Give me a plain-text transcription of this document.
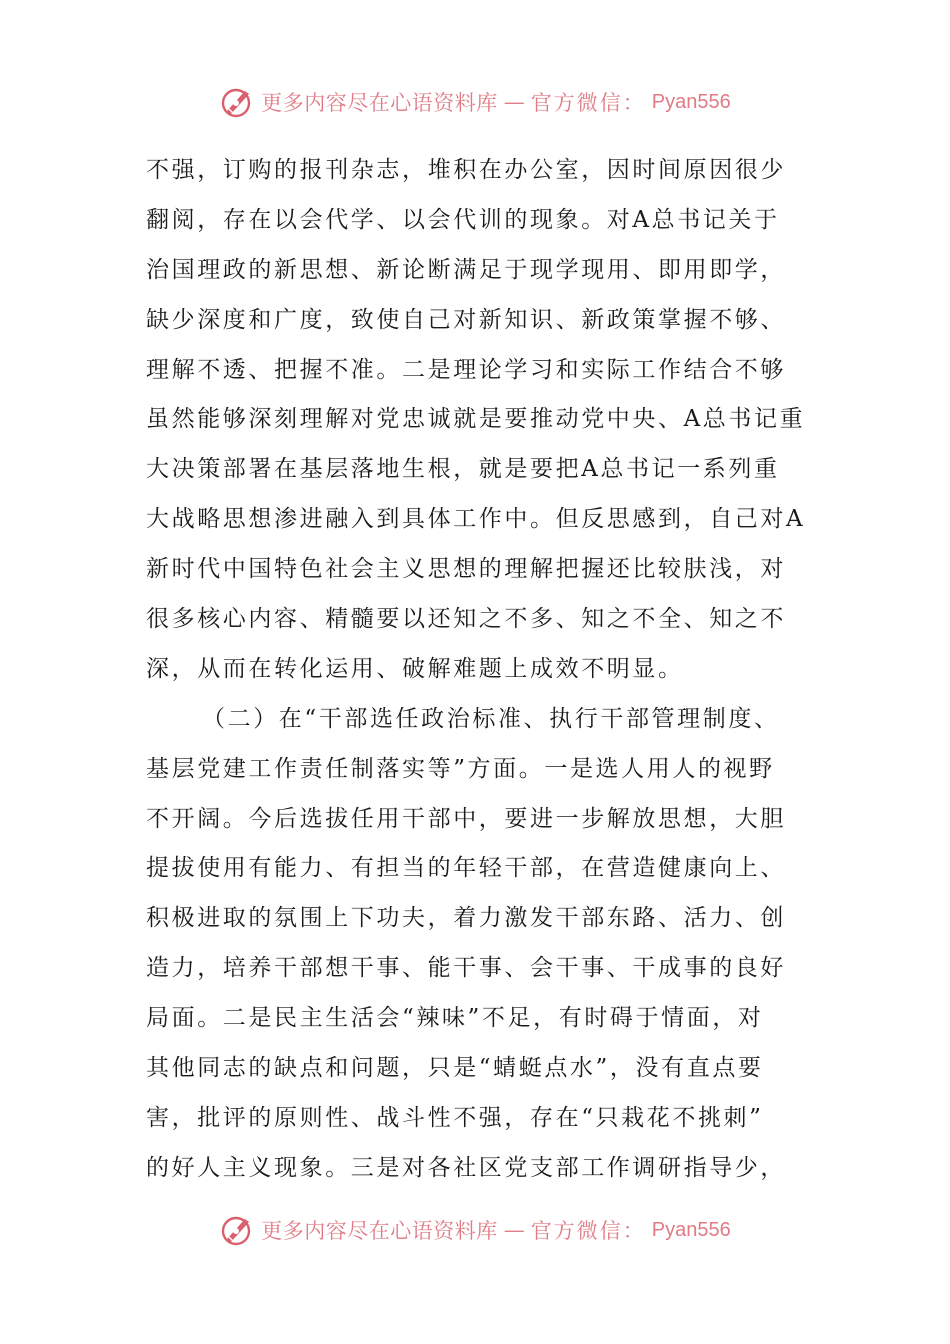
更多内容尽在心语资料库 — 官方微信： Pyan556
不强，订购的报刊杂志，堆积在办公室，因时间原因很少
翻阅，存在以会代学、以会代训的现象。对A总书记关于
治国理政的新思想、新论断满足于现学现用、即用即学，
缺少深度和广度，致使自己对新知识、新政策掌握不够、
理解不透、把握不准。二是理论学习和实际工作结合不够
虽然能够深刻理解对党忠诚就是要推动党中央、A总书记重
大决策部署在基层落地生根，就是要把A总书记一系列重
大战略思想渗进融入到具体工作中。但反思感到，自己对A
新时代中国特色社会主义思想的理解把握还比较肤浅，对
很多核心内容、精髓要以还知之不多、知之不全、知之不
深，从而在转化运用、破解难题上成效不明显。
（二）在“干部选任政治标准、执行干部管理制度、
基层党建工作责任制落实等”方面。一是选人用人的视野
不开阔。今后选拔任用干部中，要进一步解放思想，大胆
提拔使用有能力、有担当的年轻干部，在营造健康向上、
积极进取的氛围上下功夫，着力激发干部东路、活力、创
造力，培养干部想干事、能干事、会干事、干成事的良好
局面。二是民主生活会“辣味”不足，有时碍于情面，对
其他同志的缺点和问题，只是“蜻蜓点水”，没有直点要
害，批评的原则性、战斗性不强，存在“只栽花不挑刺”
的好人主义现象。三是对各社区党支部工作调研指导少，
更多内容尽在心语资料库 — 官方微信： Pyan556
